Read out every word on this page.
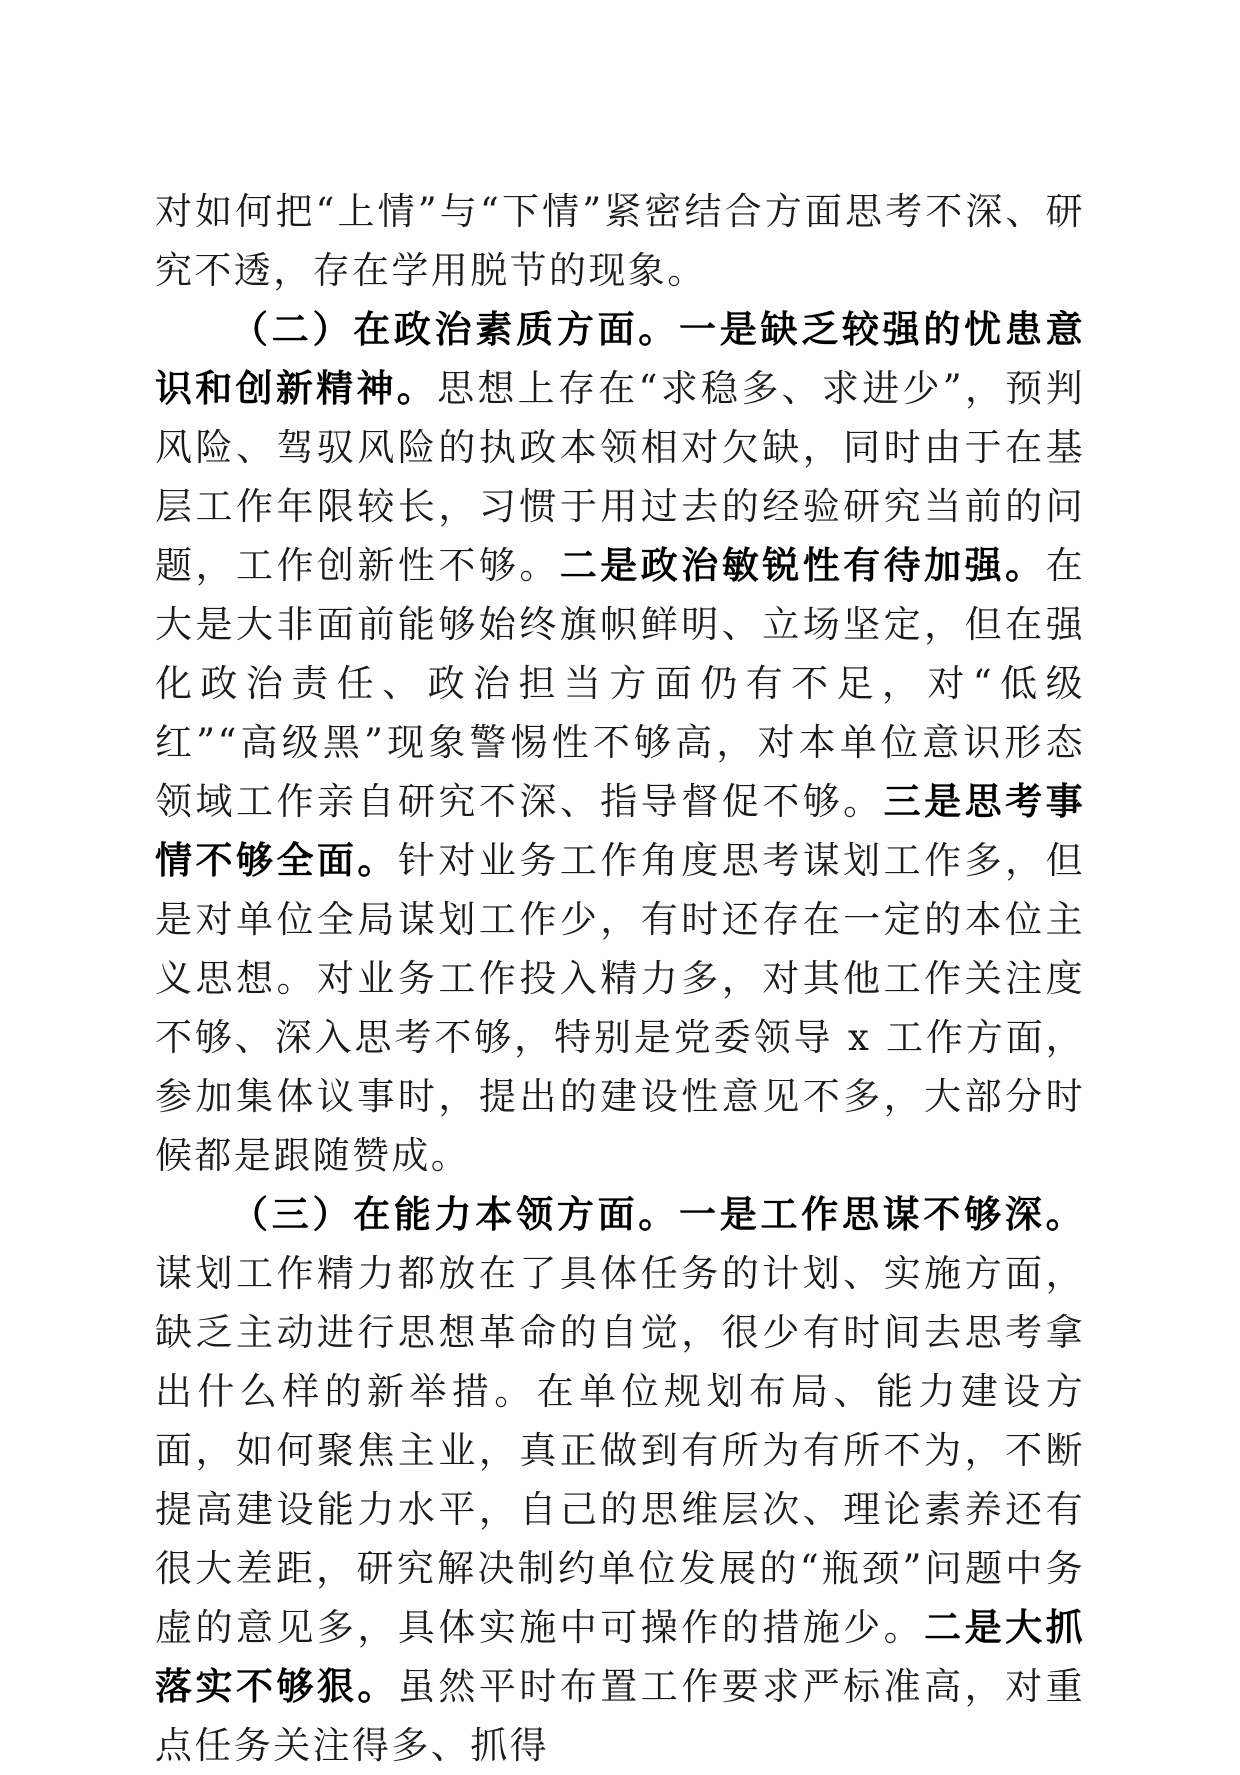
对如何把“上情”与“下情”紧密结合方面思考不深、研究不透，存在学用脱节的现象。

（二）在政治素质方面。一是缺乏较强的忧患意识和创新精神。思想上存在“求稳多、求进少”，预判风险、驾驭风险的执政本领相对欠缺，同时由于在基层工作年限较长，习惯于用过去的经验研究当前的问题，工作创新性不够。二是政治敏锐性有待加强。在大是大非面前能够始终旗帜鲜明、立场坚定，但在强化政治责任、政治担当方面仍有不足，对“低级红”“高级黑”现象警惕性不够高，对本单位意识形态领域工作亲自研究不深、指导督促不够。三是思考事情不够全面。针对业务工作角度思考谋划工作多，但是对单位全局谋划工作少，有时还存在一定的本位主义思想。对业务工作投入精力多，对其他工作关注度不够、深入思考不够，特别是党委领导 x 工作方面，参加集体议事时，提出的建设性意见不多，大部分时候都是跟随赞成。

（三）在能力本领方面。一是工作思谋不够深。谋划工作精力都放在了具体任务的计划、实施方面，缺乏主动进行思想革命的自觉，很少有时间去思考拿出什么样的新举措。在单位规划布局、能力建设方面，如何聚焦主业，真正做到有所为有所不为，不断提高建设能力水平，自己的思维层次、理论素养还有很大差距，研究解决制约单位发展的“瓶颈”问题中务虚的意见多，具体实施中可操作的措施少。二是大抓落实不够狠。虽然平时布置工作要求严标准高，对重点任务关注得多、抓得
